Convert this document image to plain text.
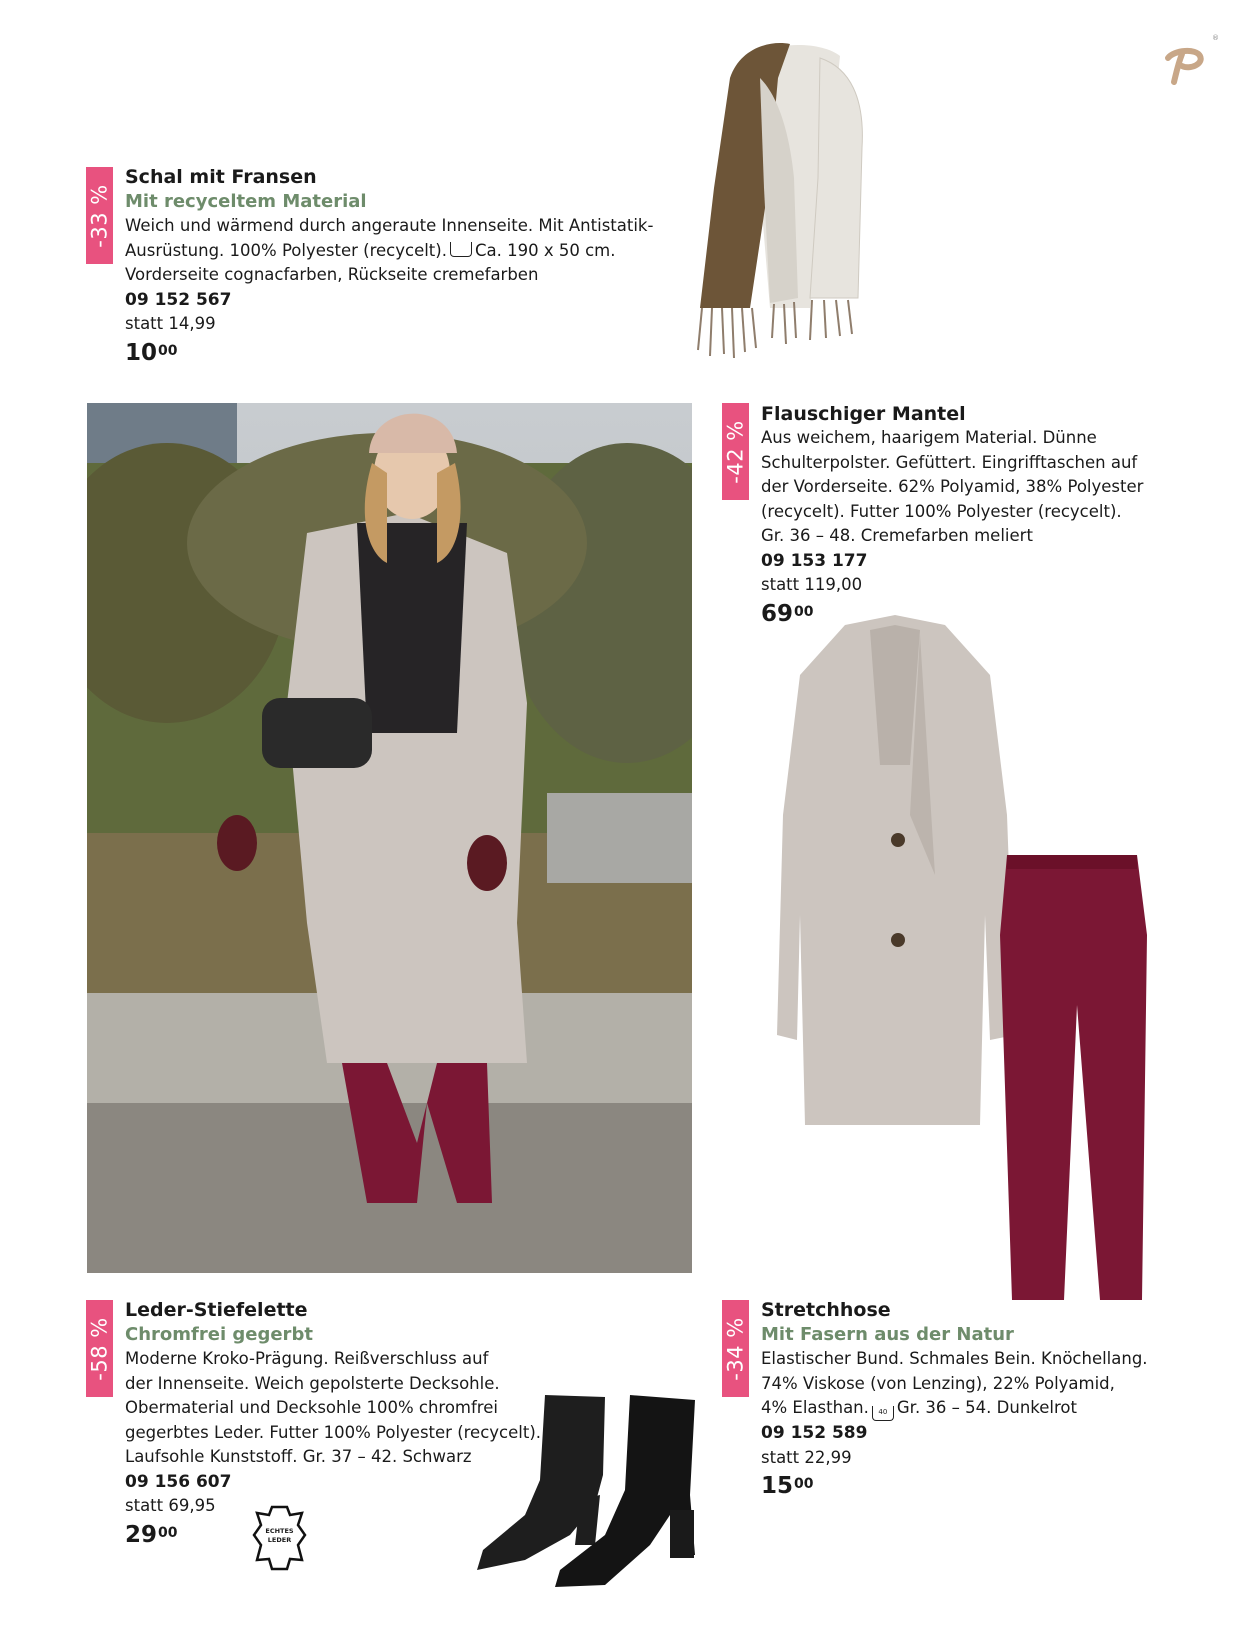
®
-33 %
Schal mit Fransen
Mit recyceltem Material
Weich und wärmend durch angeraute Innenseite. Mit Antistatik-
Ausrüstung. 100% Polyester (recycelt). Ca. 190 x 50 cm.
Vorderseite cognacfarben, Rückseite cremefarben
09 152 567
statt 14,99
$10^{00}$
-42 %
Flauschiger Mantel
Aus weichem, haarigem Material. Dünne
Schulterpolster. Gefüttert. Eingrifftaschen auf
der Vorderseite. 62% Polyamid, 38% Polyester
(recycelt). Futter 100% Polyester (recycelt).
Gr. 36 – 48. Cremefarben meliert
09 153 177
statt 119,00
$69^{00}$
-58 %
Leder-Stiefelette
Chromfrei gegerbt
Moderne Kroko-Prägung. Reißverschluss auf
der Innenseite. Weich gepolsterte Decksohle.
Obermaterial und Decksohle 100% chromfrei
gegerbtes Leder. Futter 100% Polyester (recycelt).
Laufsohle Kunststoff. Gr. 37 – 42. Schwarz
09 156 607
statt 69,95
$29^{00}$	ECHTES
LEDER
-34 %
Stretchhose
Mit Fasern aus der Natur
Elastischer Bund. Schmales Bein. Knöchellang.
74% Viskose (von Lenzing), 22% Polyamid,
4% Elasthan. 40 Gr. 36 – 54. Dunkelrot
09 152 589
statt 22,99
$15^{00}$
